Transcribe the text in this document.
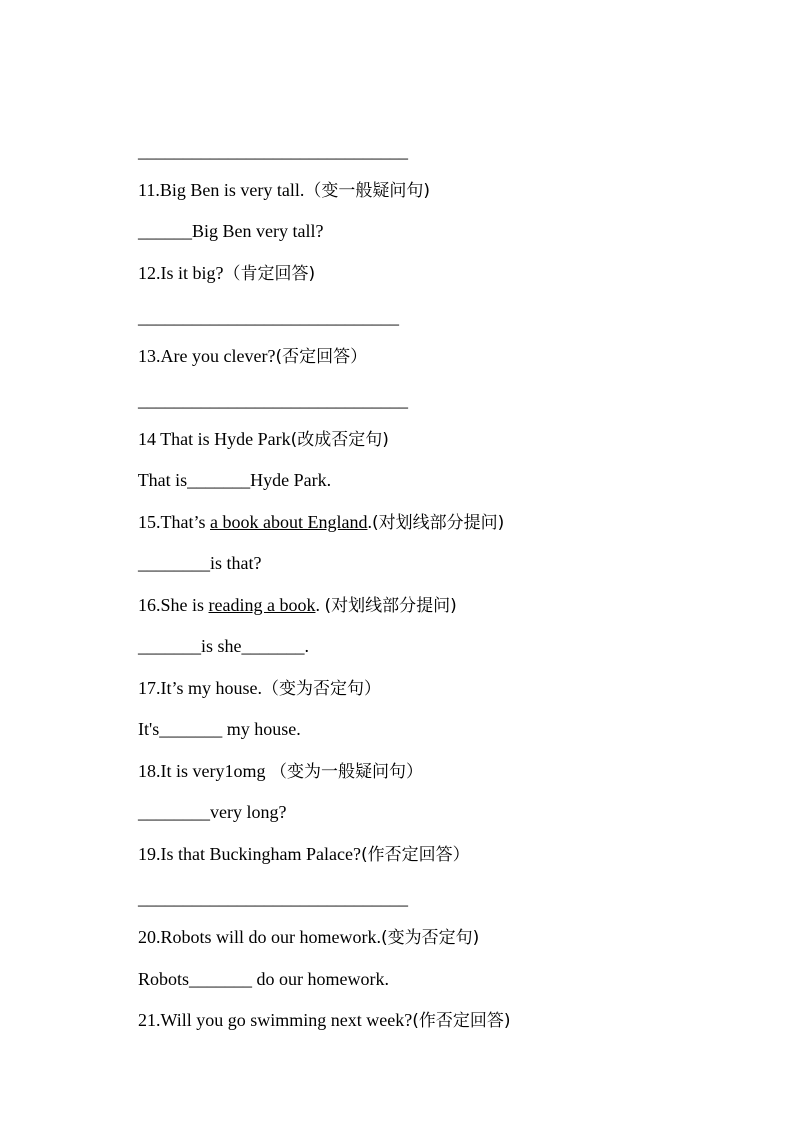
______________________________

11.Big Ben is very tall.（变一般疑问句)

______Big Ben very tall?

12.Is it big?（肯定回答)

_____________________________

13.Are you clever?(否定回答）

______________________________

14 That is Hyde Park(改成否定句)

That is_______Hyde Park.

15.That’s a book about England.(对划线部分提问)

________is that?

16.She is reading a book. (对划线部分提问)

_______is she_______.

17.It’s my house.（变为否定句）

It's_______ my house.

18.It is very1omg （变为一般疑问句）

________very long?

19.Is that Buckingham Palace?(作否定回答）

______________________________

20.Robots will do our homework.(变为否定句)

Robots_______ do our homework.

21.Will you go swimming next week?(作否定回答)
